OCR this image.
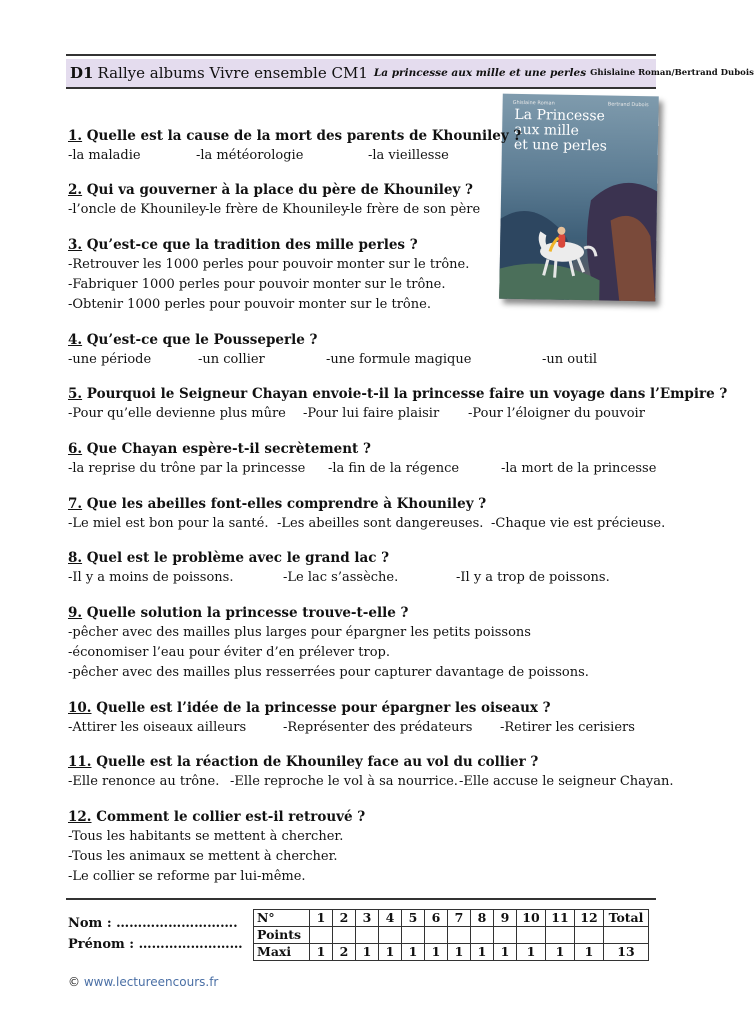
D1 Rallye albums Vivre ensemble CM1 La princesse aux mille et une perles Ghislaine Roman/Bertrand Dubois
Ghislaine Roman	Bertrand Dubois
La Princesse
aux mille
et une perles
1. Quelle est la cause de la mort des parents de Khouniley ?
-la maladie	-la météorologie	-la vieillesse
2. Qui va gouverner à la place du père de Khouniley ?
-l’oncle de Khouniley
-le frère de Khouniley
-le frère de son père
3. Qu’est-ce que la tradition des mille perles ?
-Retrouver les 1000 perles pour pouvoir monter sur le trône.
-Fabriquer 1000 perles pour pouvoir monter sur le trône.
-Obtenir 1000 perles pour pouvoir monter sur le trône.
4. Qu’est-ce que le Pousseperle ?
-une période	-un collier	-une formule magique	-un outil
5. Pourquoi le Seigneur Chayan envoie-t-il la princesse faire un voyage dans l’Empire ?
-Pour qu’elle devienne plus mûre -Pour lui faire plaisir -Pour l’éloigner du pouvoir
6. Que Chayan espère-t-il secrètement ?
-la reprise du trône par la princesse -la fin de la régence	-la mort de la princesse
7. Que les abeilles font-elles comprendre à Khouniley ?
-Le miel est bon pour la santé. -Les abeilles sont dangereuses. -Chaque vie est précieuse.
8. Quel est le problème avec le grand lac ?
-Il y a moins de poissons.	-Le lac s’assèche.	-Il y a trop de poissons.
9. Quelle solution la princesse trouve-t-elle ?
-pêcher avec des mailles plus larges pour épargner les petits poissons
-économiser l’eau pour éviter d’en prélever trop.
-pêcher avec des mailles plus resserrées pour capturer davantage de poissons.
10. Quelle est l’idée de la princesse pour épargner les oiseaux ?
-Attirer les oiseaux ailleurs	-Représenter des prédateurs -Retirer les cerisiers
11. Quelle est la réaction de Khouniley face au vol du collier ?
-Elle renonce au trône. -Elle reproche le vol à sa nourrice. -Elle accuse le seigneur Chayan.
12. Comment le collier est-il retrouvé ?
-Tous les habitants se mettent à chercher.
-Tous les animaux se mettent à chercher.
-Le collier se reforme par lui-même.
Nom : ……………………….
Prénom : ……………………
N°	1	2	3	4	5	6	7	8	9	10	11	12	Total
Points													
Maxi	1	2	1	1	1	1	1	1	1	1	1	1	13
© www.lectureencours.fr
